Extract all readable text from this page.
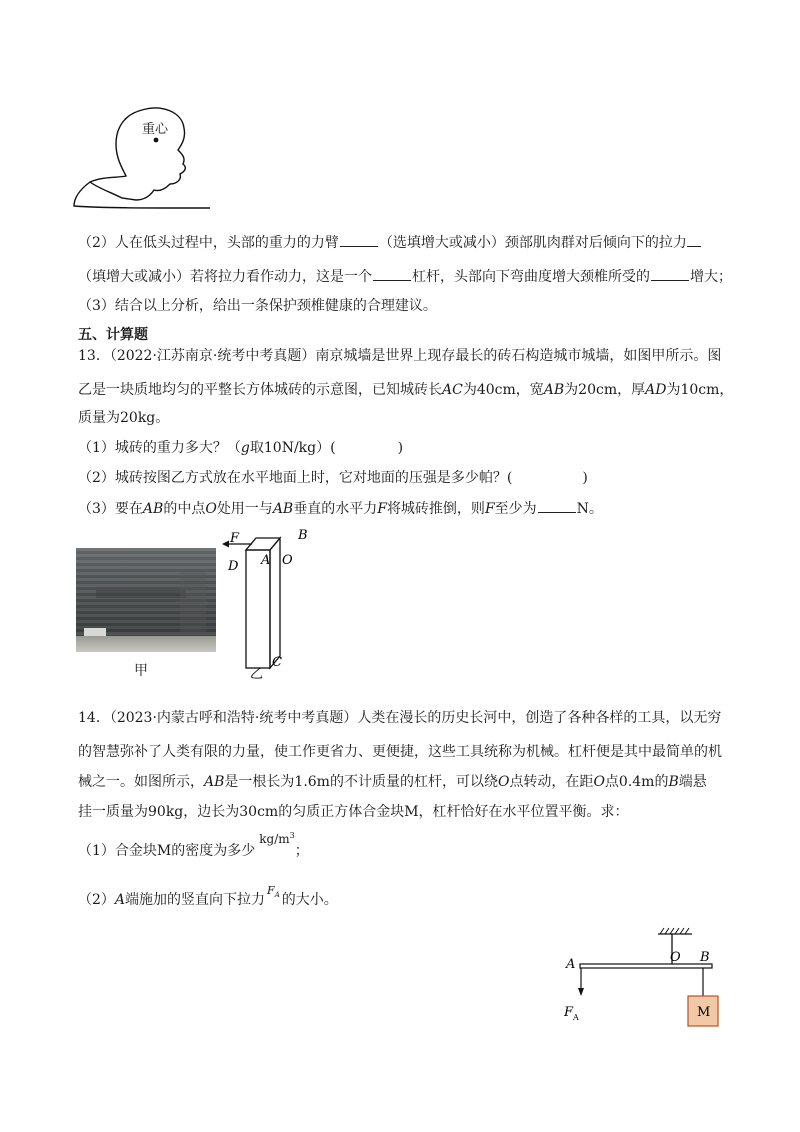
重心
（2）人在低头过程中，头部的重力的力臂	（选填增大或减小）颈部肌肉群对后倾向下的拉力
（填增大或减小）若将拉力看作动力，这是一个	杠杆，头部向下弯曲度增大颈椎所受的	增大；
（3）结合以上分析，给出一条保护颈椎健康的合理建议。
五、计算题
13．（2022·江苏南京·统考中考真题）南京城墙是世界上现存最长的砖石构造城市城墙，如图甲所示。图
乙是一块质地均匀的平整长方体城砖的示意图，已知城砖长AC为40cm，宽AB为20cm，厚AD为10cm，
质量为20kg。
（1）城砖的重力多大？（g取10N/kg）(	)
（2）城砖按图乙方式放在水平地面上时，它对地面的压强是多少帕？(	)
（3）要在AB的中点O处用一与AB垂直的水平力F将城砖推倒，则F至少为	N。
甲
F	B
A O
D
C
乙
14．（2023·内蒙古呼和浩特·统考中考真题）人类在漫长的历史长河中，创造了各种各样的工具，以无穷
的智慧弥补了人类有限的力量，使工作更省力、更便捷，这些工具统称为机械。杠杆便是其中最简单的机
械之一。如图所示，AB是一根长为1.6m的不计质量的杠杆，可以绕O点转动，在距O点0.4m的B端悬
挂一质量为90kg，边长为30cm的匀质正方体合金块M，杠杆恰好在水平位置平衡。求：
（1）合金块M的密度为多少$kg/m^3$；
（2）A端施加的竖直向下拉力$^{F_A}$ 的大小。
M
A	O B
F A
